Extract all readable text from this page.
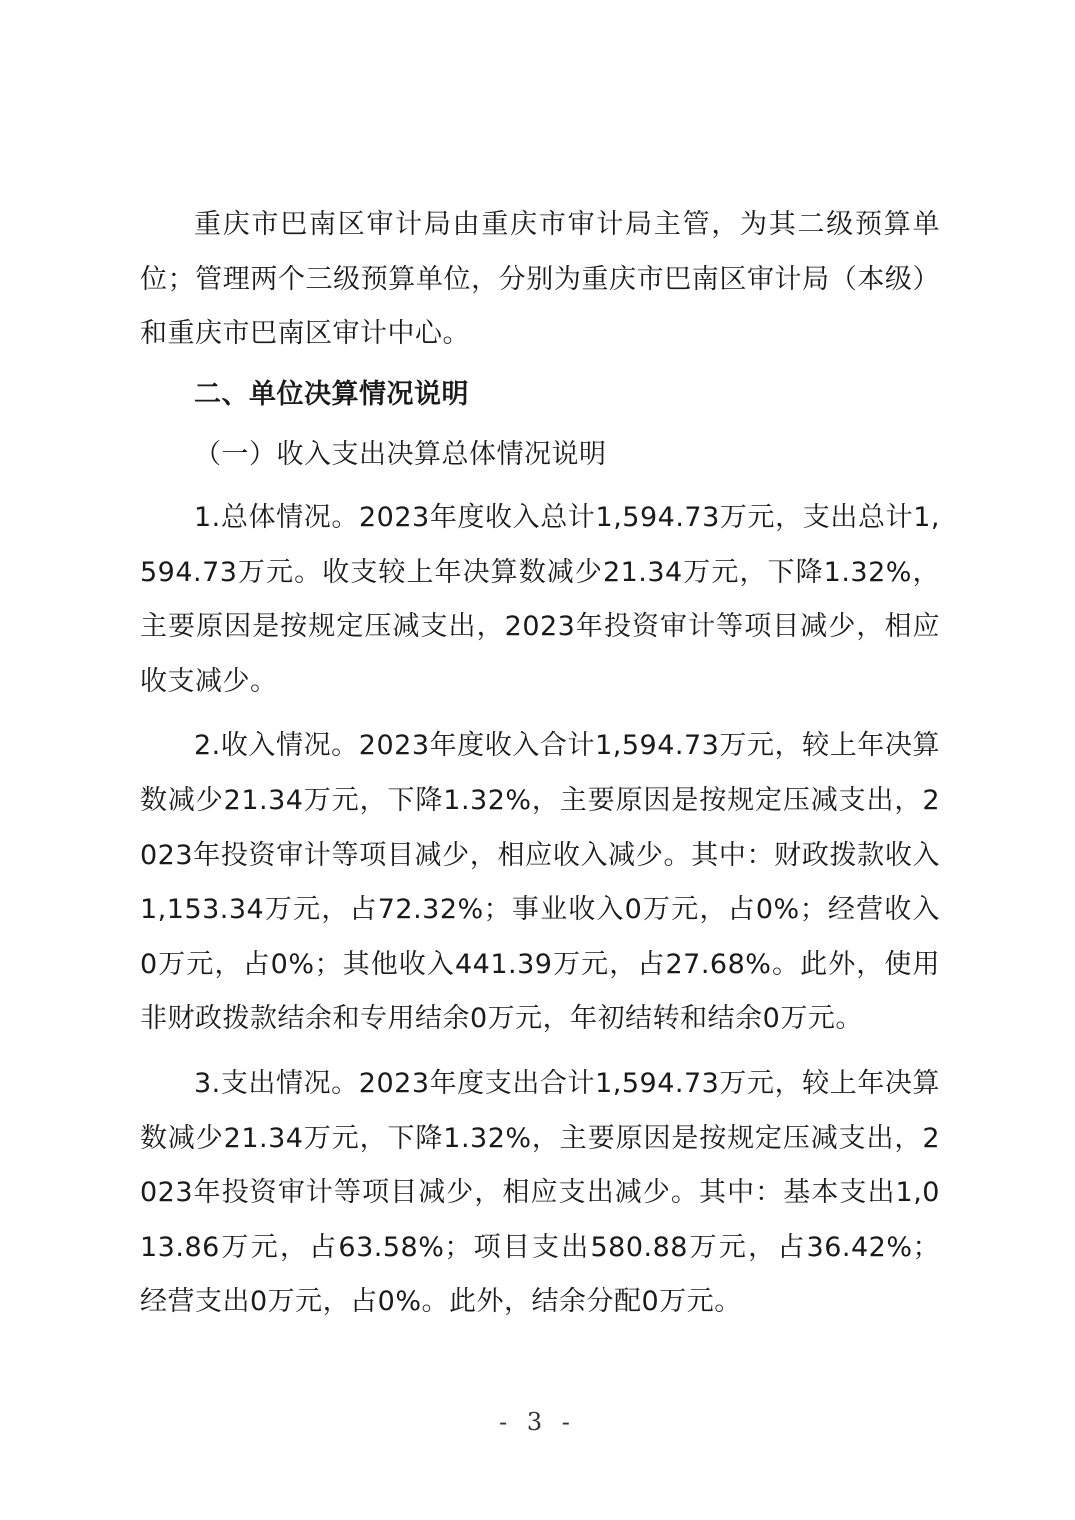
重庆市巴南区审计局由重庆市审计局主管，为其二级预算单位；管理两个三级预算单位，分别为重庆市巴南区审计局（本级）和重庆市巴南区审计中心。

二、单位决算情况说明

（一）收入支出决算总体情况说明

1.总体情况。2023年度收入总计1,594.73万元，支出总计1,594.73万元。收支较上年决算数减少21.34万元，下降1.32%，主要原因是按规定压减支出，2023年投资审计等项目减少，相应收支减少。

2.收入情况。2023年度收入合计1,594.73万元，较上年决算数减少21.34万元，下降1.32%，主要原因是按规定压减支出，2023年投资审计等项目减少，相应收入减少。其中：财政拨款收入1,153.34万元，占72.32%；事业收入0万元，占0%；经营收入0万元，占0%；其他收入441.39万元，占27.68%。此外，使用非财政拨款结余和专用结余0万元，年初结转和结余0万元。

3.支出情况。2023年度支出合计1,594.73万元，较上年决算数减少21.34万元，下降1.32%，主要原因是按规定压减支出，2023年投资审计等项目减少，相应支出减少。其中：基本支出1,013.86万元，占63.58%；项目支出580.88万元，占36.42%；经营支出0万元，占0%。此外，结余分配0万元。

- 3 -
